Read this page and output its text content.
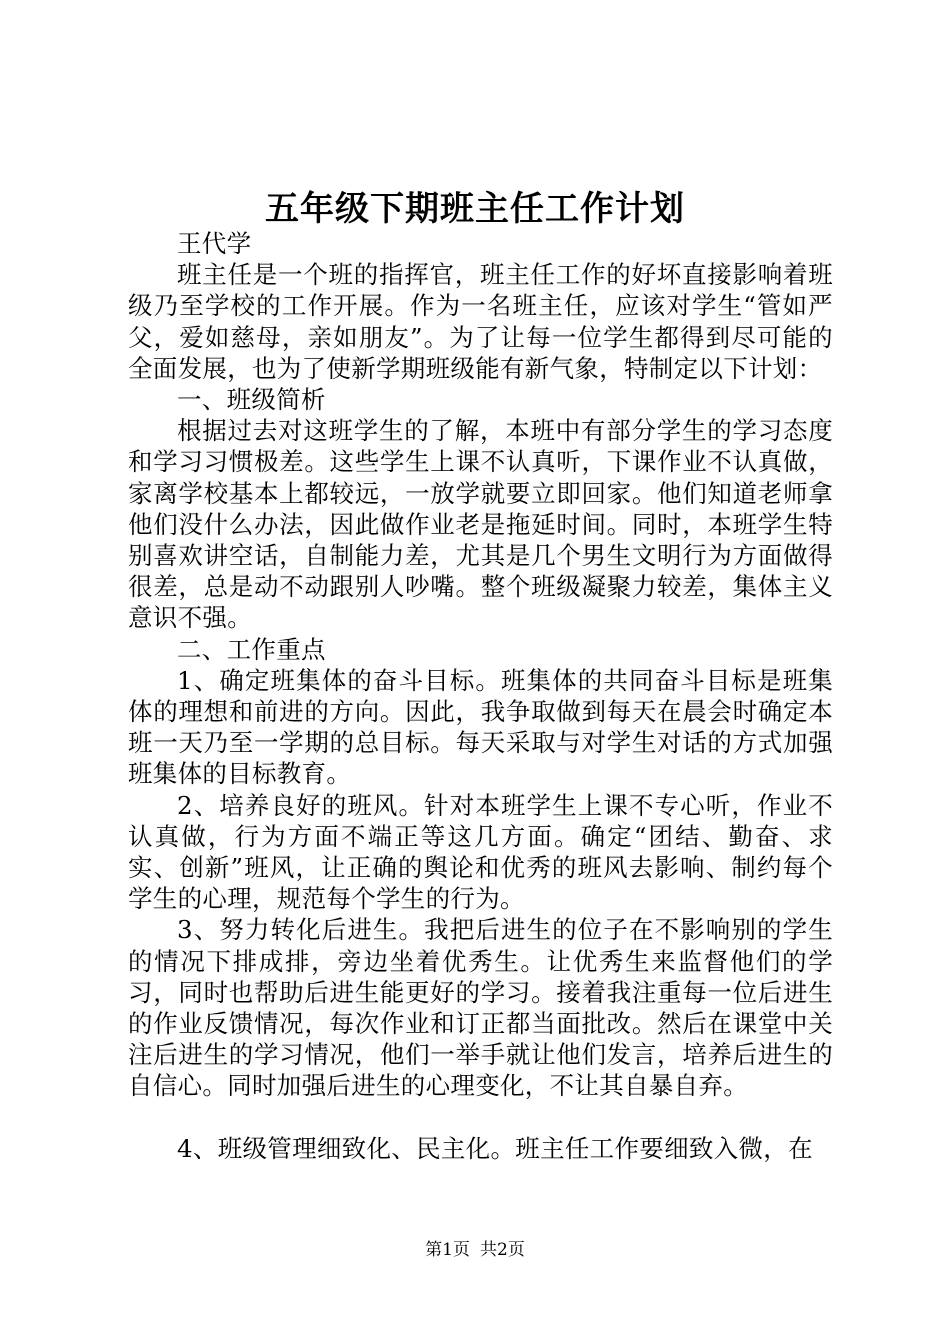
五年级下期班主任工作计划

王代学

班主任是一个班的指挥官，班主任工作的好坏直接影响着班级乃至学校的工作开展。作为一名班主任，应该对学生“管如严父，爱如慈母，亲如朋友”。为了让每一位学生都得到尽可能的全面发展，也为了使新学期班级能有新气象，特制定以下计划：

一、班级简析

根据过去对这班学生的了解，本班中有部分学生的学习态度和学习习惯极差。这些学生上课不认真听，下课作业不认真做，家离学校基本上都较远，一放学就要立即回家。他们知道老师拿他们没什么办法，因此做作业老是拖延时间。同时，本班学生特别喜欢讲空话，自制能力差，尤其是几个男生文明行为方面做得很差，总是动不动跟别人吵嘴。整个班级凝聚力较差，集体主义意识不强。

二、工作重点

1、确定班集体的奋斗目标。班集体的共同奋斗目标是班集体的理想和前进的方向。因此，我争取做到每天在晨会时确定本班一天乃至一学期的总目标。每天采取与对学生对话的方式加强班集体的目标教育。

2、培养良好的班风。针对本班学生上课不专心听，作业不认真做，行为方面不端正等这几方面。确定“团结、勤奋、求实、创新”班风，让正确的舆论和优秀的班风去影响、制约每个学生的心理，规范每个学生的行为。

3、努力转化后进生。我把后进生的位子在不影响别的学生的情况下排成排，旁边坐着优秀生。让优秀生来监督他们的学习，同时也帮助后进生能更好的学习。接着我注重每一位后进生的作业反馈情况，每次作业和订正都当面批改。然后在课堂中关注后进生的学习情况，他们一举手就让他们发言，培养后进生的自信心。同时加强后进生的心理变化，不让其自暴自弃。

4、班级管理细致化、民主化。班主任工作要细致入微，在

第1页 共2页
